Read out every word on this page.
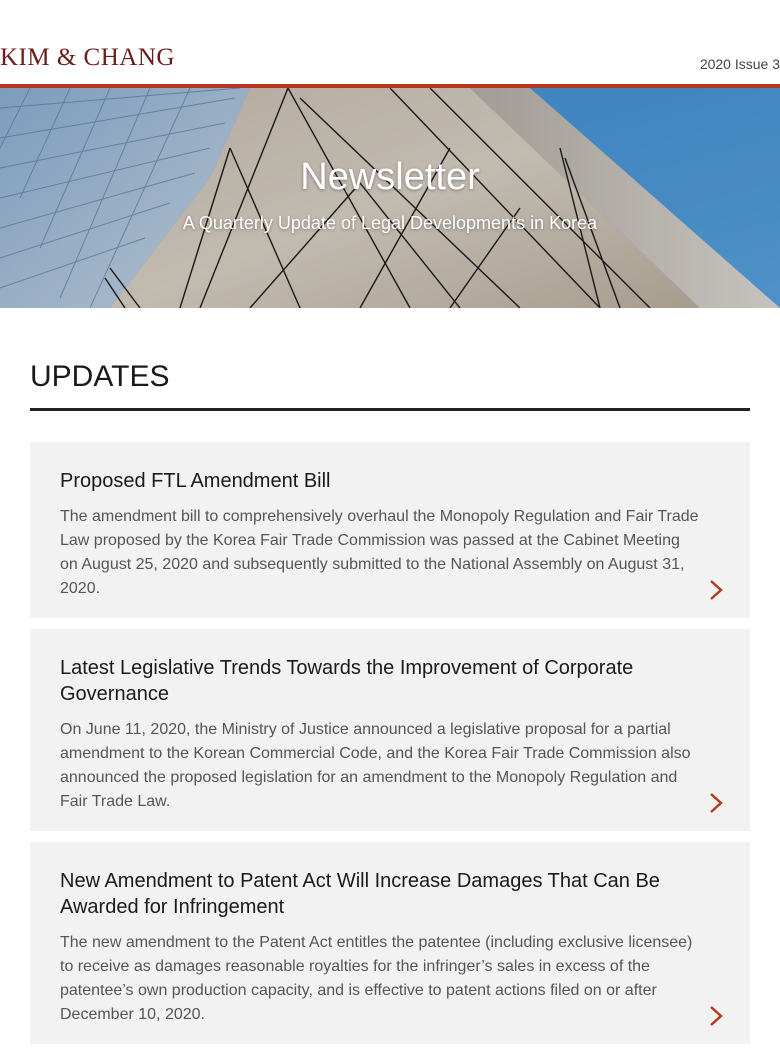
KIM & CHANG	2020 Issue 3
Newsletter
A Quarterly Update of Legal Developments in Korea
UPDATES
Proposed FTL Amendment Bill
The amendment bill to comprehensively overhaul the Monopoly Regulation and Fair Trade Law proposed by the Korea Fair Trade Commission was passed at the Cabinet Meeting on August 25, 2020 and subsequently submitted to the National Assembly on August 31, 2020.
Latest Legislative Trends Towards the Improvement of Corporate Governance
On June 11, 2020, the Ministry of Justice announced a legislative proposal for a partial amendment to the Korean Commercial Code, and the Korea Fair Trade Commission also announced the proposed legislation for an amendment to the Monopoly Regulation and Fair Trade Law.
New Amendment to Patent Act Will Increase Damages That Can Be Awarded for Infringement
The new amendment to the Patent Act entitles the patentee (including exclusive licensee) to receive as damages reasonable royalties for the infringer’s sales in excess of the patentee’s own production capacity, and is effective to patent actions filed on or after December 10, 2020.
